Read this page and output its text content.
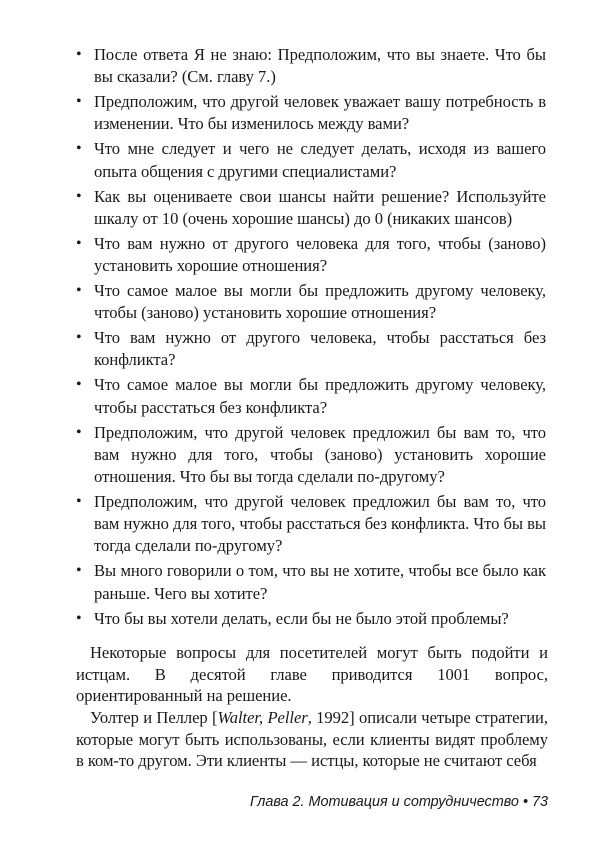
• После ответа Я не знаю: Предположим, что вы знаете. Что бы вы сказали? (См. главу 7.)
• Предположим, что другой человек уважает вашу потребность в изменении. Что бы изменилось между вами?
• Что мне следует и чего не следует делать, исходя из вашего опыта общения с другими специалистами?
• Как вы оцениваете свои шансы найти решение? Используйте шкалу от 10 (очень хорошие шансы) до 0 (никаких шансов)
• Что вам нужно от другого человека для того, чтобы (заново) установить хорошие отношения?
• Что самое малое вы могли бы предложить другому человеку, чтобы (заново) установить хорошие отношения?
• Что вам нужно от другого человека, чтобы расстаться без конфликта?
• Что самое малое вы могли бы предложить другому человеку, чтобы расстаться без конфликта?
• Предположим, что другой человек предложил бы вам то, что вам нужно для того, чтобы (заново) установить хорошие отношения. Что бы вы тогда сделали по-другому?
• Предположим, что другой человек предложил бы вам то, что вам нужно для того, чтобы расстаться без конфликта. Что бы вы тогда сделали по-другому?
• Вы много говорили о том, что вы не хотите, чтобы все было как раньше. Чего вы хотите?
• Что бы вы хотели делать, если бы не было этой проблемы?

Некоторые вопросы для посетителей могут быть подойти и истцам. В десятой главе приводится 1001 вопрос, ориентированный на решение.

Уолтер и Пеллер [Walter, Peller, 1992] описали четыре стратегии, которые могут быть использованы, если клиенты видят проблему в ком-то другом. Эти клиенты — истцы, которые не считают себя

Глава 2. Мотивация и сотрудничество • 73
